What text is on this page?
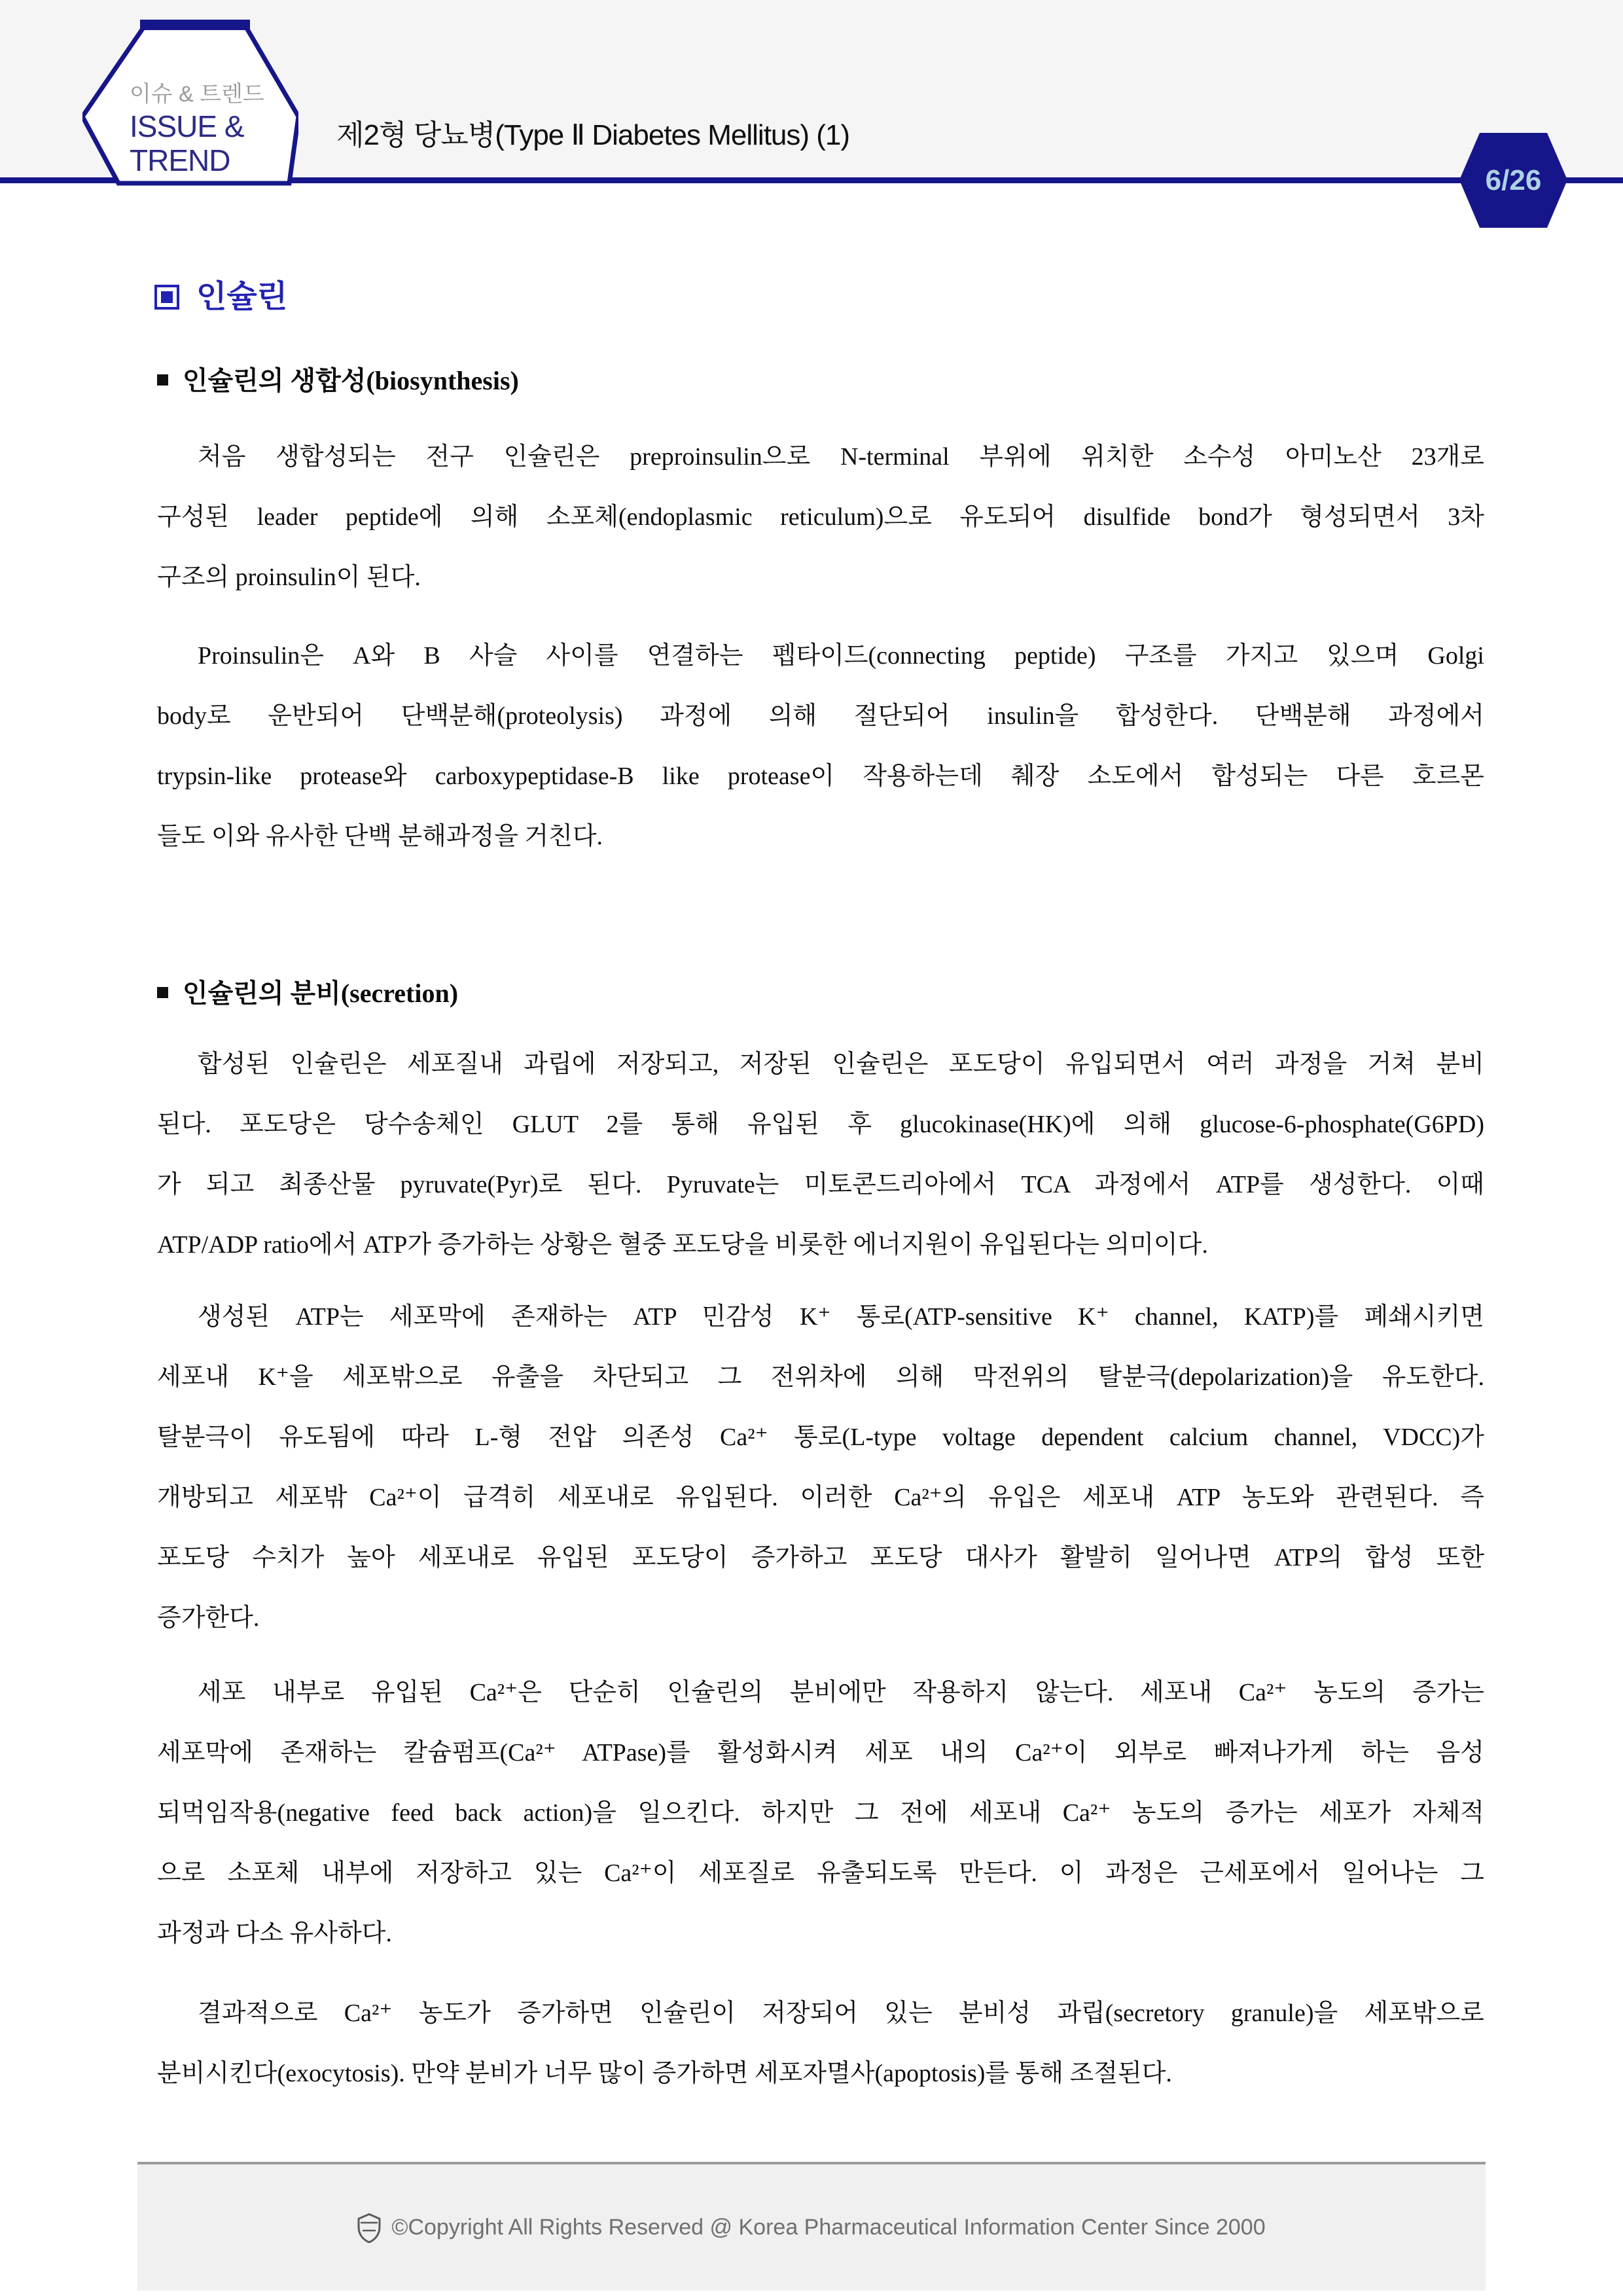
이슈 & 트렌드
ISSUE &
TREND
제2형 당뇨병(Type Ⅱ Diabetes Mellitus) (1)
6/26
인슐린
인슐린의 생합성(biosynthesis)
처음 생합성되는 전구 인슐린은 preproinsulin으로 N-terminal 부위에 위치한 소수성 아미노산 23개로
구성된 leader peptide에 의해 소포체(endoplasmic reticulum)으로 유도되어 disulfide bond가 형성되면서 3차
구조의 proinsulin이 된다.
Proinsulin은 A와 B 사슬 사이를 연결하는 펩타이드(connecting peptide) 구조를 가지고 있으며 Golgi
body로 운반되어 단백분해(proteolysis) 과정에 의해 절단되어 insulin을 합성한다. 단백분해 과정에서
trypsin-like protease와 carboxypeptidase-B like protease이 작용하는데 췌장 소도에서 합성되는 다른 호르몬
들도 이와 유사한 단백 분해과정을 거친다.
인슐린의 분비(secretion)
합성된 인슐린은 세포질내 과립에 저장되고, 저장된 인슐린은 포도당이 유입되면서 여러 과정을 거쳐 분비
된다. 포도당은 당수송체인 GLUT 2를 통해 유입된 후 glucokinase(HK)에 의해 glucose-6-phosphate(G6PD)
가 되고 최종산물 pyruvate(Pyr)로 된다. Pyruvate는 미토콘드리아에서 TCA 과정에서 ATP를 생성한다. 이때
ATP/ADP ratio에서 ATP가 증가하는 상황은 혈중 포도당을 비롯한 에너지원이 유입된다는 의미이다.
생성된 ATP는 세포막에 존재하는 ATP 민감성 K⁺ 통로(ATP-sensitive K⁺ channel, KATP)를 폐쇄시키면
세포내 K⁺을 세포밖으로 유출을 차단되고 그 전위차에 의해 막전위의 탈분극(depolarization)을 유도한다.
탈분극이 유도됨에 따라 L-형 전압 의존성 Ca²⁺ 통로(L-type voltage dependent calcium channel, VDCC)가
개방되고 세포밖 Ca²⁺이 급격히 세포내로 유입된다. 이러한 Ca²⁺의 유입은 세포내 ATP 농도와 관련된다. 즉
포도당 수치가 높아 세포내로 유입된 포도당이 증가하고 포도당 대사가 활발히 일어나면 ATP의 합성 또한
증가한다.
세포 내부로 유입된 Ca²⁺은 단순히 인슐린의 분비에만 작용하지 않는다. 세포내 Ca²⁺ 농도의 증가는
세포막에 존재하는 칼슘펌프(Ca²⁺ ATPase)를 활성화시켜 세포 내의 Ca²⁺이 외부로 빠져나가게 하는 음성
되먹임작용(negative feed back action)을 일으킨다. 하지만 그 전에 세포내 Ca²⁺ 농도의 증가는 세포가 자체적
으로 소포체 내부에 저장하고 있는 Ca²⁺이 세포질로 유출되도록 만든다. 이 과정은 근세포에서 일어나는 그
과정과 다소 유사하다.
결과적으로 Ca²⁺ 농도가 증가하면 인슐린이 저장되어 있는 분비성 과립(secretory granule)을 세포밖으로
분비시킨다(exocytosis). 만약 분비가 너무 많이 증가하면 세포자멸사(apoptosis)를 통해 조절된다.
©Copyright All Rights Reserved @ Korea Pharmaceutical Information Center Since 2000
